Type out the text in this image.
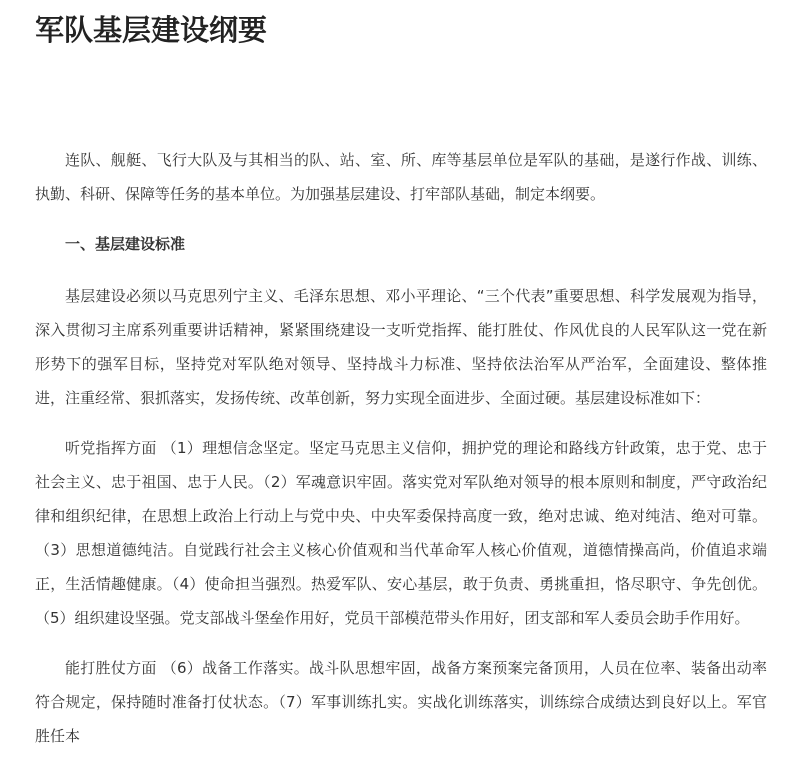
军队基层建设纲要

连队、舰艇、飞行大队及与其相当的队、站、室、所、库等基层单位是军队的基础，是遂行作战、训练、执勤、科研、保障等任务的基本单位。为加强基层建设、打牢部队基础，制定本纲要。

一、基层建设标准

基层建设必须以马克思列宁主义、毛泽东思想、邓小平理论、“三个代表”重要思想、科学发展观为指导，深入贯彻习主席系列重要讲话精神，紧紧围绕建设一支听党指挥、能打胜仗、作风优良的人民军队这一党在新形势下的强军目标，坚持党对军队绝对领导、坚持战斗力标准、坚持依法治军从严治军，全面建设、整体推进，注重经常、狠抓落实，发扬传统、改革创新，努力实现全面进步、全面过硬。基层建设标准如下：

听党指挥方面 （1）理想信念坚定。坚定马克思主义信仰，拥护党的理论和路线方针政策，忠于党、忠于社会主义、忠于祖国、忠于人民。（2）军魂意识牢固。落实党对军队绝对领导的根本原则和制度，严守政治纪律和组织纪律，在思想上政治上行动上与党中央、中央军委保持高度一致，绝对忠诚、绝对纯洁、绝对可靠。（3）思想道德纯洁。自觉践行社会主义核心价值观和当代革命军人核心价值观，道德情操高尚，价值追求端正，生活情趣健康。（4）使命担当强烈。热爱军队、安心基层，敢于负责、勇挑重担，恪尽职守、争先创优。（5）组织建设坚强。党支部战斗堡垒作用好，党员干部模范带头作用好，团支部和军人委员会助手作用好。

能打胜仗方面 （6）战备工作落实。战斗队思想牢固，战备方案预案完备顶用，人员在位率、装备出动率符合规定，保持随时准备打仗状态。（7）军事训练扎实。实战化训练落实，训练综合成绩达到良好以上。军官胜任本
